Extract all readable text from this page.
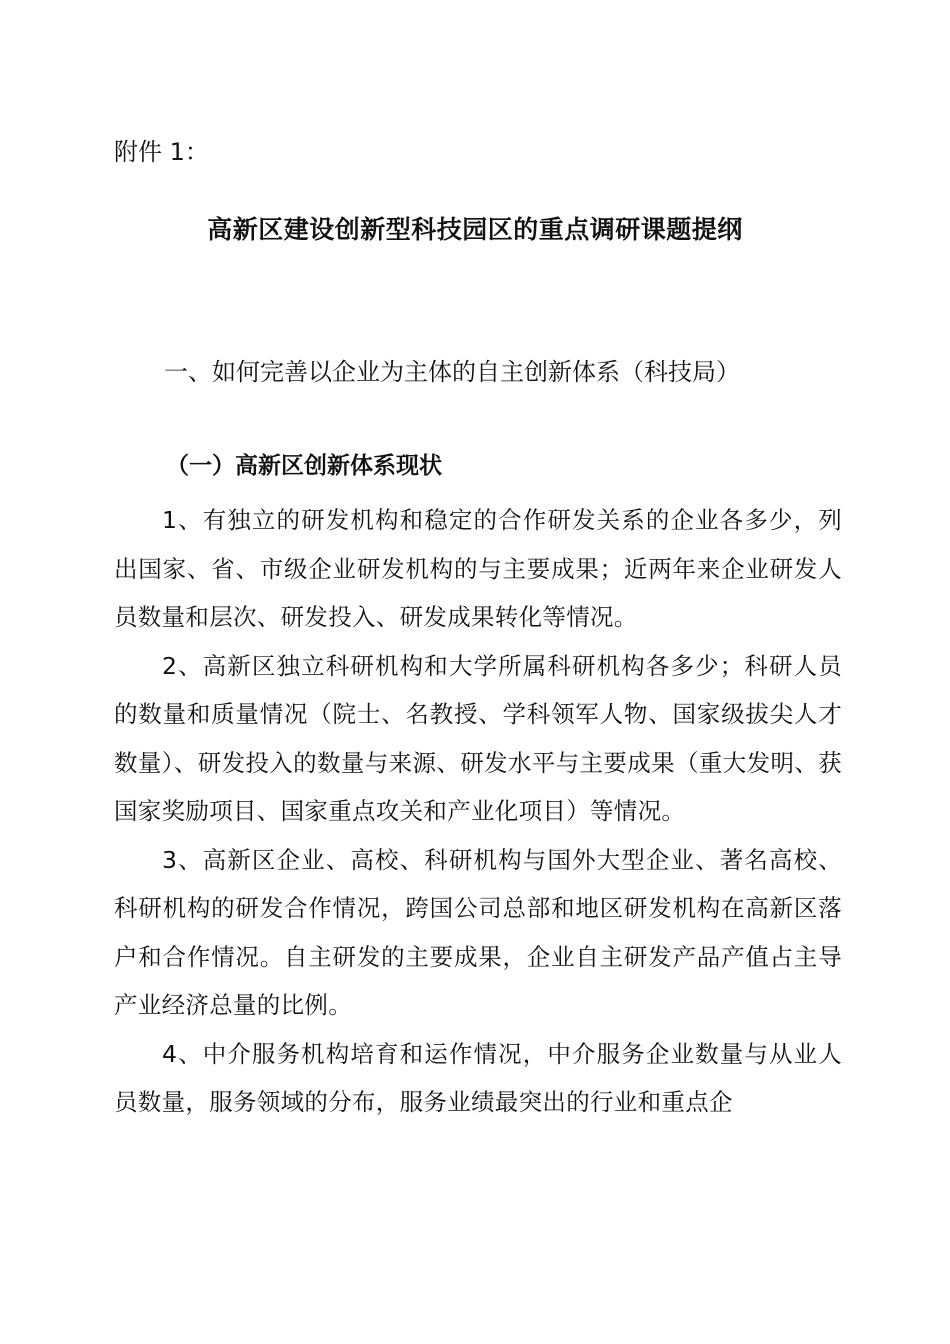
附件 1：
高新区建设创新型科技园区的重点调研课题提纲
一、如何完善以企业为主体的自主创新体系（科技局）
（一）高新区创新体系现状

1、有独立的研发机构和稳定的合作研发关系的企业各多少，列出国家、省、市级企业研发机构的与主要成果；近两年来企业研发人员数量和层次、研发投入、研发成果转化等情况。

2、高新区独立科研机构和大学所属科研机构各多少；科研人员的数量和质量情况（院士、名教授、学科领军人物、国家级拔尖人才数量）、研发投入的数量与来源、研发水平与主要成果（重大发明、获国家奖励项目、国家重点攻关和产业化项目）等情况。

3、高新区企业、高校、科研机构与国外大型企业、著名高校、科研机构的研发合作情况，跨国公司总部和地区研发机构在高新区落户和合作情况。自主研发的主要成果，企业自主研发产品产值占主导产业经济总量的比例。

4、中介服务机构培育和运作情况，中介服务企业数量与从业人员数量，服务领域的分布，服务业绩最突出的行业和重点企
